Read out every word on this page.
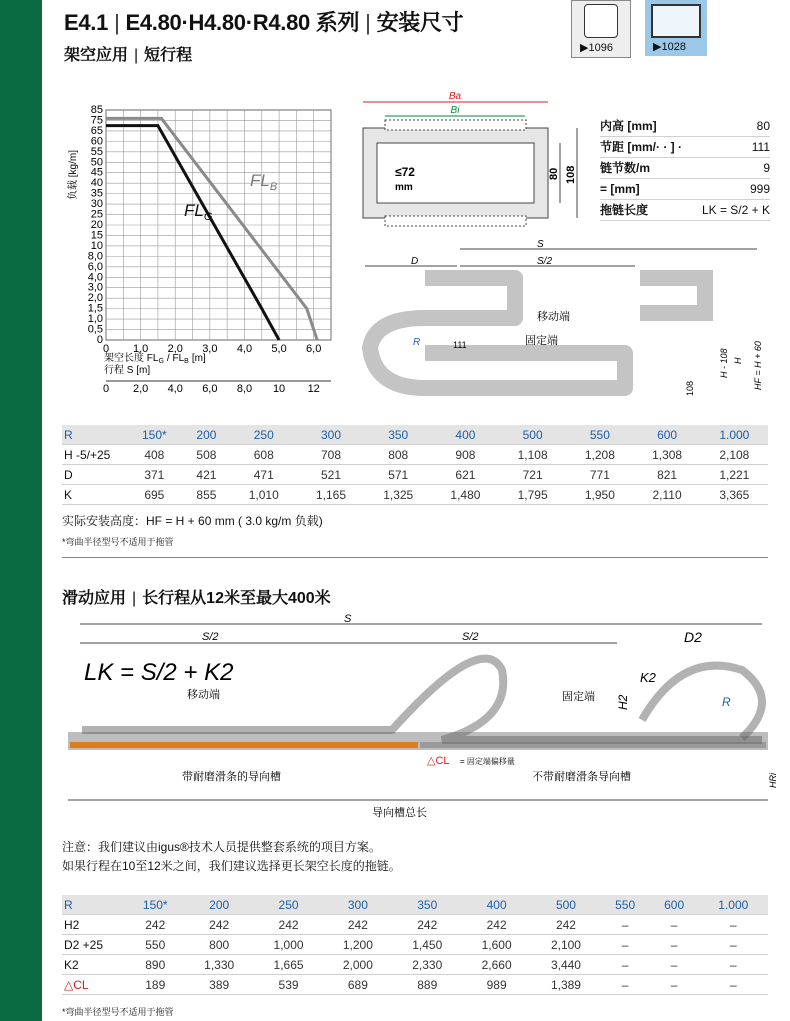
E4.1 | E4.80·H4.80·R4.80 系列 | 安装尺寸
架空应用 | 短行程	▶1096	▶1028
85
75
65
60
55
50
45
40
35
30
25
20
15
10
8,0
6,0
4,0
3,0
2,0
1,5
1,0
0,5
0
0 1,0 2,0 3,0 4,0 5,0 6,0
0 2,0 4,0 6,0 8,0 10 12
$FL_B$
$FL_G$
负载 [kg/m]
架空长度 $FL_G / FL_B$ [m]
行程 S [m]
Ba
Bi
≤72
mm
80 108
内高 [mm]	80
节距 [mm/· · ] ·	111
链节数/m	9
= [mm]	999
拖链长度	LK = S/2 + K
S
D	S/2
R	111
移动端
固定端
H - 108 H HF = H + 60
108
R	150*	200	250	300	350	400	500	550	600	1.000
H -5/+25	408	508	608	708	808	908	1,108	1,208	1,308	2,108
D	371	421	471	521	571	621	721	771	821	1,221
K	695	855	1,010	1,165	1,325	1,480	1,795	1,950	2,110	3,365
实际安装高度：HF = H + 60 mm ( 3.0 kg/m 负载)
*弯曲半径型号不适用于拖管
滑动应用 | 长行程从12米至最大400米
S
S/2	S/2
LK = S/2 + K2
移动端	固定端
D2
K2
H2	R
△CL = 固定端偏移量
带耐磨滑条的导向槽	不带耐磨滑条导向槽
导向槽总长
HRi
注意：我们建议由igus®技术人员提供整套系统的项目方案。
如果行程在10至12米之间，我们建议选择更长架空长度的拖链。
R	150*	200	250	300	350	400	500	550	600	1.000
H2	242	242	242	242	242	242	242	–	–	–
D2 +25	550	800	1,000	1,200	1,450	1,600	2,100	–	–	–
K2	890	1,330	1,665	2,000	2,330	2,660	3,440	–	–	–
△CL	189	389	539	689	889	989	1,389	–	–	–
*弯曲半径型号不适用于拖管
